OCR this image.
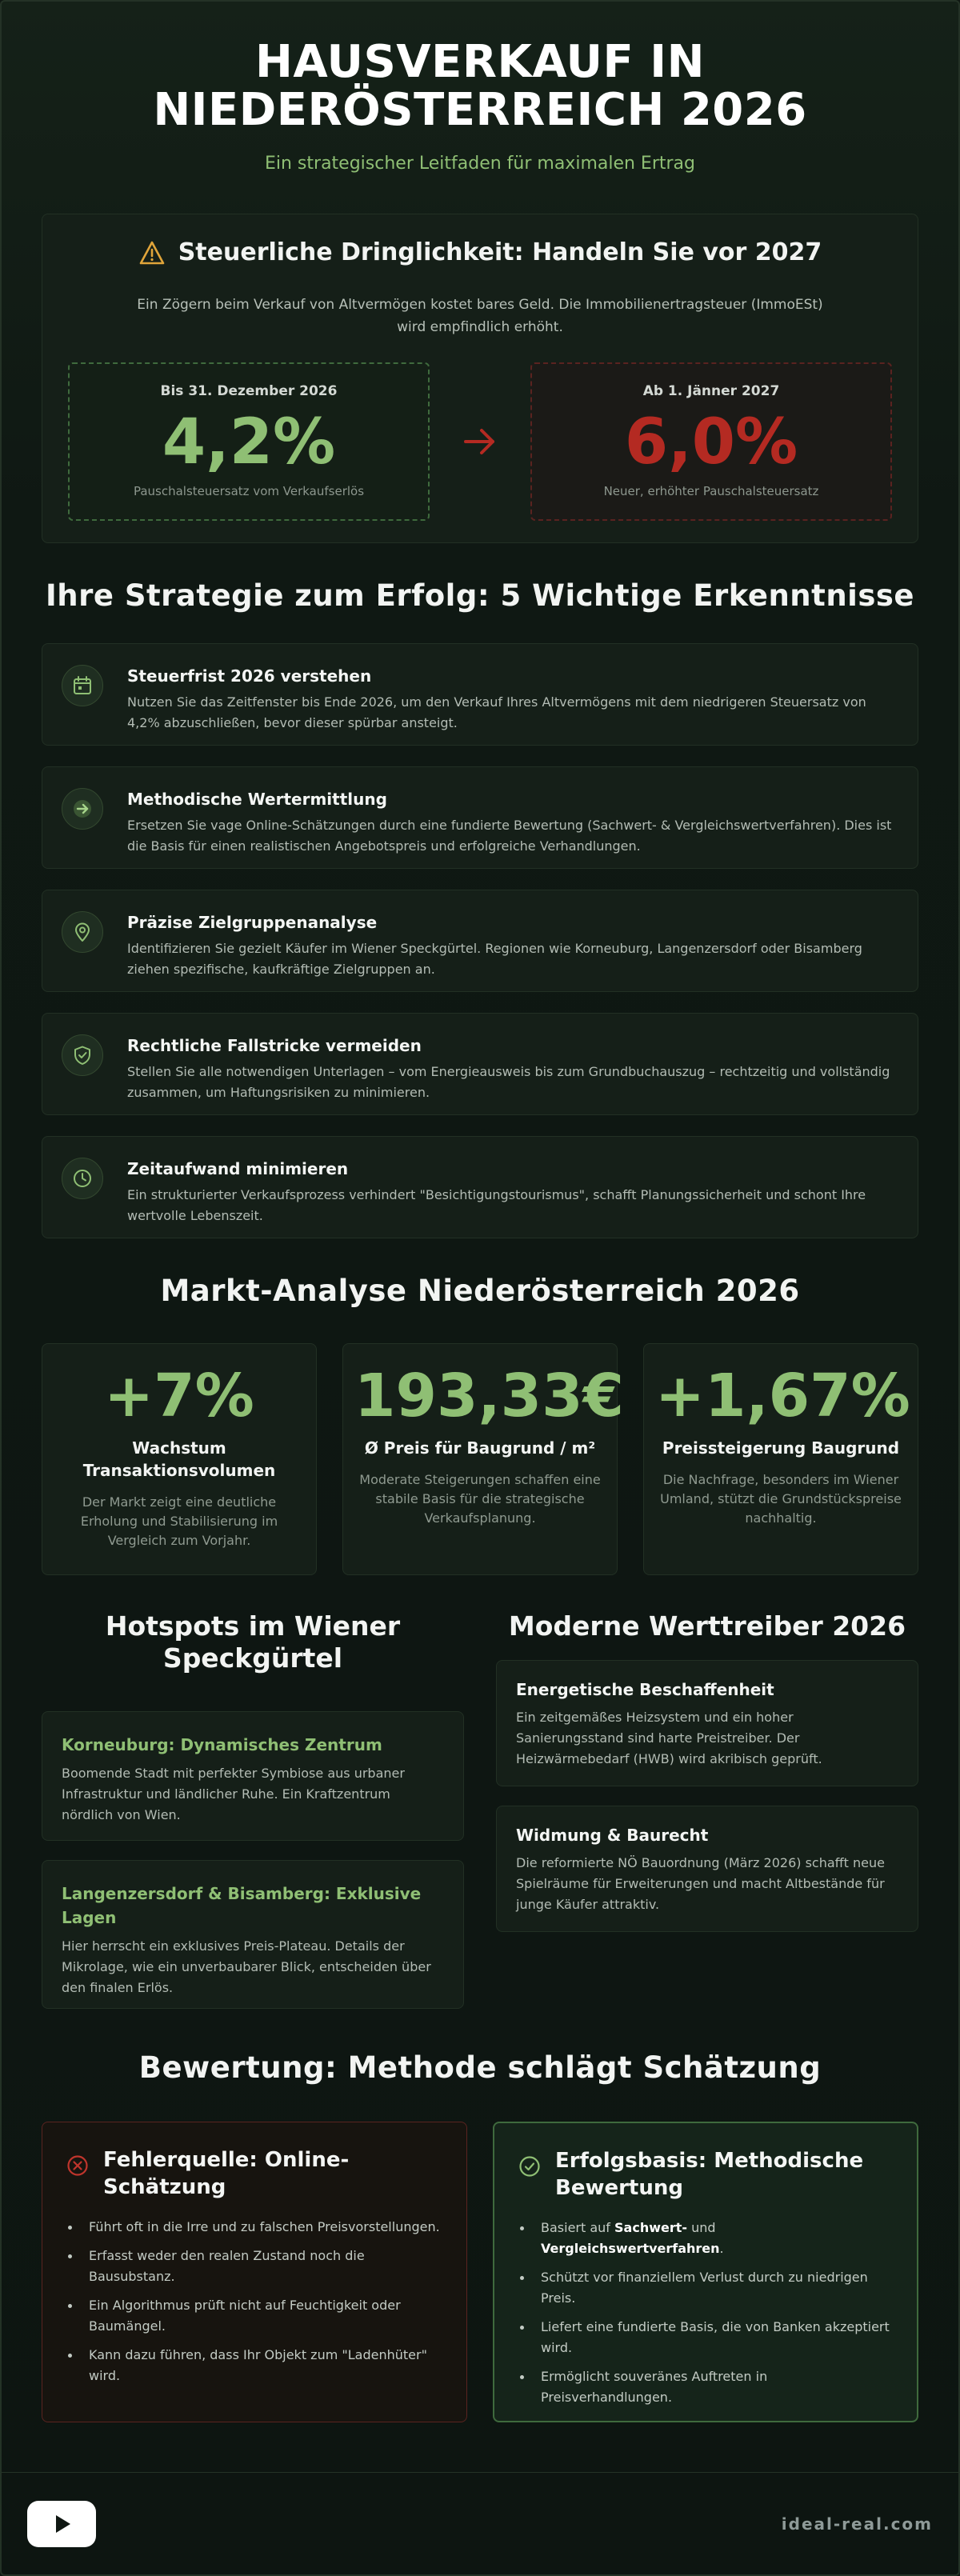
HAUSVERKAUF IN
NIEDERÖSTERREICH 2026
Ein strategischer Leitfaden für maximalen Ertrag
Steuerliche Dringlichkeit: Handeln Sie vor 2027

Ein Zögern beim Verkauf von Altvermögen kostet bares Geld. Die Immobilienertragsteuer (ImmoESt) wird empfindlich erhöht.

Bis 31. Dezember 2026
4,2%
Pauschalsteuersatz vom Verkaufserlös
Ab 1. Jänner 2027
6,0%
Neuer, erhöhter Pauschalsteuersatz
Ihre Strategie zum Erfolg: 5 Wichtige Erkenntnisse
Steuerfrist 2026 verstehen

Nutzen Sie das Zeitfenster bis Ende 2026, um den Verkauf Ihres Altvermögens mit dem niedrigeren Steuersatz von 4,2% abzuschließen, bevor dieser spürbar ansteigt.

Methodische Wertermittlung

Ersetzen Sie vage Online-Schätzungen durch eine fundierte Bewertung (Sachwert- & Vergleichswertverfahren). Dies ist die Basis für einen realistischen Angebotspreis und erfolgreiche Verhandlungen.

Präzise Zielgruppenanalyse

Identifizieren Sie gezielt Käufer im Wiener Speckgürtel. Regionen wie Korneuburg, Langenzersdorf oder Bisamberg ziehen spezifische, kaufkräftige Zielgruppen an.

Rechtliche Fallstricke vermeiden

Stellen Sie alle notwendigen Unterlagen – vom Energieausweis bis zum Grundbuchauszug – rechtzeitig und vollständig zusammen, um Haftungsrisiken zu minimieren.

Zeitaufwand minimieren

Ein strukturierter Verkaufsprozess verhindert "Besichtigungstourismus", schafft Planungssicherheit und schont Ihre wertvolle Lebenszeit.

Markt-Analyse Niederösterreich 2026
+7%
Wachstum Transaktionsvolumen

Der Markt zeigt eine deutliche Erholung und Stabilisierung im Vergleich zum Vorjahr.

193,33€
Ø Preis für Baugrund / m²

Moderate Steigerungen schaffen eine stabile Basis für die strategische Verkaufsplanung.

+1,67%
Preissteigerung Baugrund

Die Nachfrage, besonders im Wiener Umland, stützt die Grundstückspreise nachhaltig.

Hotspots im Wiener Speckgürtel
Korneuburg: Dynamisches Zentrum

Boomende Stadt mit perfekter Symbiose aus urbaner Infrastruktur und ländlicher Ruhe. Ein Kraftzentrum nördlich von Wien.

Langenzersdorf & Bisamberg: Exklusive Lagen

Hier herrscht ein exklusives Preis-Plateau. Details der Mikrolage, wie ein unverbaubarer Blick, entscheiden über den finalen Erlös.

Moderne Werttreiber 2026
Energetische Beschaffenheit

Ein zeitgemäßes Heizsystem und ein hoher Sanierungsstand sind harte Preistreiber. Der Heizwärmebedarf (HWB) wird akribisch geprüft.

Widmung & Baurecht

Die reformierte NÖ Bauordnung (März 2026) schafft neue Spielräume für Erweiterungen und macht Altbestände für junge Käufer attraktiv.

Bewertung: Methode schlägt Schätzung
Fehlerquelle: Online-Schätzung
Führt oft in die Irre und zu falschen Preisvorstellungen.
Erfasst weder den realen Zustand noch die Bausubstanz.
Ein Algorithmus prüft nicht auf Feuchtigkeit oder Baumängel.
Kann dazu führen, dass Ihr Objekt zum "Ladenhüter" wird.
Erfolgsbasis: Methodische Bewertung
Basiert auf Sachwert- und Vergleichswertverfahren.
Schützt vor finanziellem Verlust durch zu niedrigen Preis.
Liefert eine fundierte Basis, die von Banken akzeptiert wird.
Ermöglicht souveränes Auftreten in Preisverhandlungen.
ideal-real.com
